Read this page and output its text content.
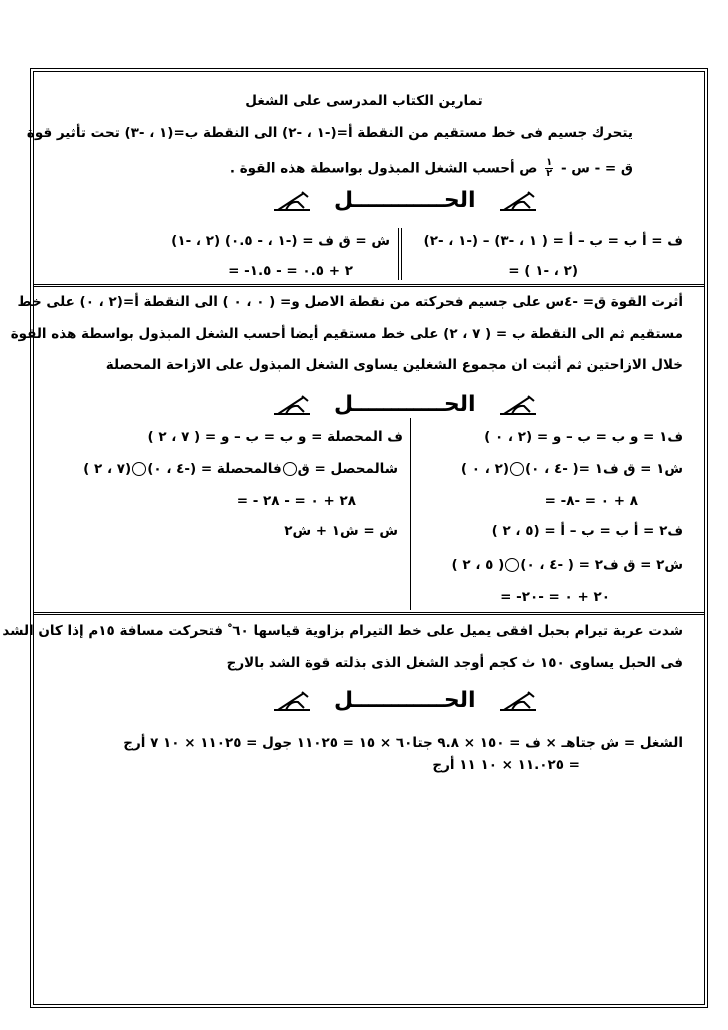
تمارين الكتاب المدرسى على الشغل
يتحرك جسيم فى خط مستقيم من النقطة أ=(-١ ، -٢) الى النقطة ب=(١ ، -٣) تحت تأثير قوة
ق = - س -
$\frac{١}{٢}$
ص أحسب الشغل المبذول بواسطة هذه القوة .
الحــــــــــــل
ف = أ ب = ب – أ = ( ١ ، -٣) – (-١ ، -٢)
= ( ٢ ، -١)
ش = ق ف = (-١ ، - ٠.٥) (٢ ، -١)
= -٢ + ٠.٥ = - ١.٥
أثرت القوة ق= -٤س على جسيم فحركته من نقطة الاصل و= ( ٠ ، ٠ ) الى النقطة أ=(٢ ، ٠) على خط
مستقيم ثم الى النقطة ب = ( ٧ ، ٢) على خط مستقيم أيضا أحسب الشغل المبذول بواسطة هذه القوة
خلال الازاحتين ثم أثبت ان مجموع الشغلين يساوى الشغل المبذول على الازاحة المحصلة
الحــــــــــــل
ف١ = و ب = ب – و = (٢ ، ٠ )
ش١ = ق ف١ =( -٤ ، ٠)(٢ ، ٠ )
= -٨ + ٠ = -٨
ف٢ = أ ب = ب – أ = (٥ ، ٢ )
ش٢ = ق ف٢ = ( -٤ ، ٠)( ٥ ، ٢ )
= -٢٠ + ٠ = -٢٠
ف المحصلة = و ب = ب – و = ( ٧ ، ٢ )
شالمحصل = قفالمحصلة = (-٤ ، ٠)(٧ ، ٢ )
= - ٢٨ + ٠ = - ٢٨
ش = ش١ + ش٢
شدت عربة تيرام بحبل افقى يميل على خط التيرام بزاوية قياسها ٦٠ ْ فتحركت مسافة ١٥م إذا كان الشد
فى الحبل يساوى ١٥٠ ث كجم أوجد الشغل الذى بذلته قوة الشد بالارج
الحــــــــــــل
الشغل = ش جتاهـ × ف = ١٥٠ × ٩.٨ جتا٦٠ × ١٥ = ١١٠٢٥ جول = ١١٠٢٥ × ١٠ ٧ أرج
= ١١.٠٢٥ × ١٠ ١١ أرج
